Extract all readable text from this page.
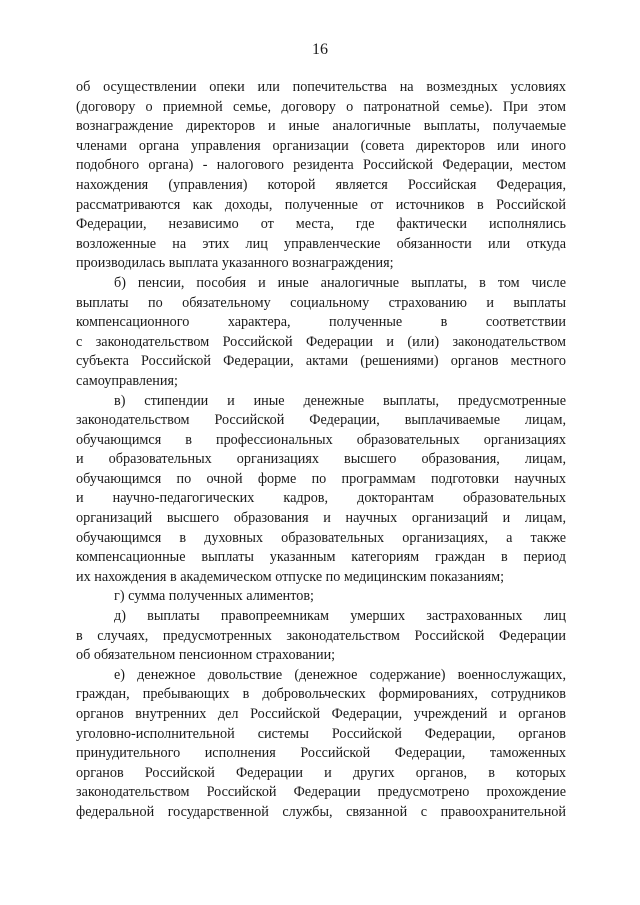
16
об осуществлении опеки или попечительства на возмездных условиях
(договору о приемной семье, договору о патронатной семье). При этом
вознаграждение директоров и иные аналогичные выплаты, получаемые
членами органа управления организации (совета директоров или иного
подобного органа) - налогового резидента Российской Федерации, местом
нахождения (управления) которой является Российская Федерация,
рассматриваются как доходы, полученные от источников в Российской
Федерации, независимо от места, где фактически исполнялись
возложенные на этих лиц управленческие обязанности или откуда
производилась выплата указанного вознаграждения;
б) пенсии, пособия и иные аналогичные выплаты, в том числе
выплаты по обязательному социальному страхованию и выплаты
компенсационного характера, полученные в соответствии
с законодательством Российской Федерации и (или) законодательством
субъекта Российской Федерации, актами (решениями) органов местного
самоуправления;
в) стипендии и иные денежные выплаты, предусмотренные
законодательством Российской Федерации, выплачиваемые лицам,
обучающимся в профессиональных образовательных организациях
и образовательных организациях высшего образования, лицам,
обучающимся по очной форме по программам подготовки научных
и научно-педагогических кадров, докторантам образовательных
организаций высшего образования и научных организаций и лицам,
обучающимся в духовных образовательных организациях, а также
компенсационные выплаты указанным категориям граждан в период
их нахождения в академическом отпуске по медицинским показаниям;
г) сумма полученных алиментов;
д) выплаты правопреемникам умерших застрахованных лиц
в случаях, предусмотренных законодательством Российской Федерации
об обязательном пенсионном страховании;
е) денежное довольствие (денежное содержание) военнослужащих,
граждан, пребывающих в добровольческих формированиях, сотрудников
органов внутренних дел Российской Федерации, учреждений и органов
уголовно-исполнительной системы Российской Федерации, органов
принудительного исполнения Российской Федерации, таможенных
органов Российской Федерации и других органов, в которых
законодательством Российской Федерации предусмотрено прохождение
федеральной государственной службы, связанной с правоохранительной
